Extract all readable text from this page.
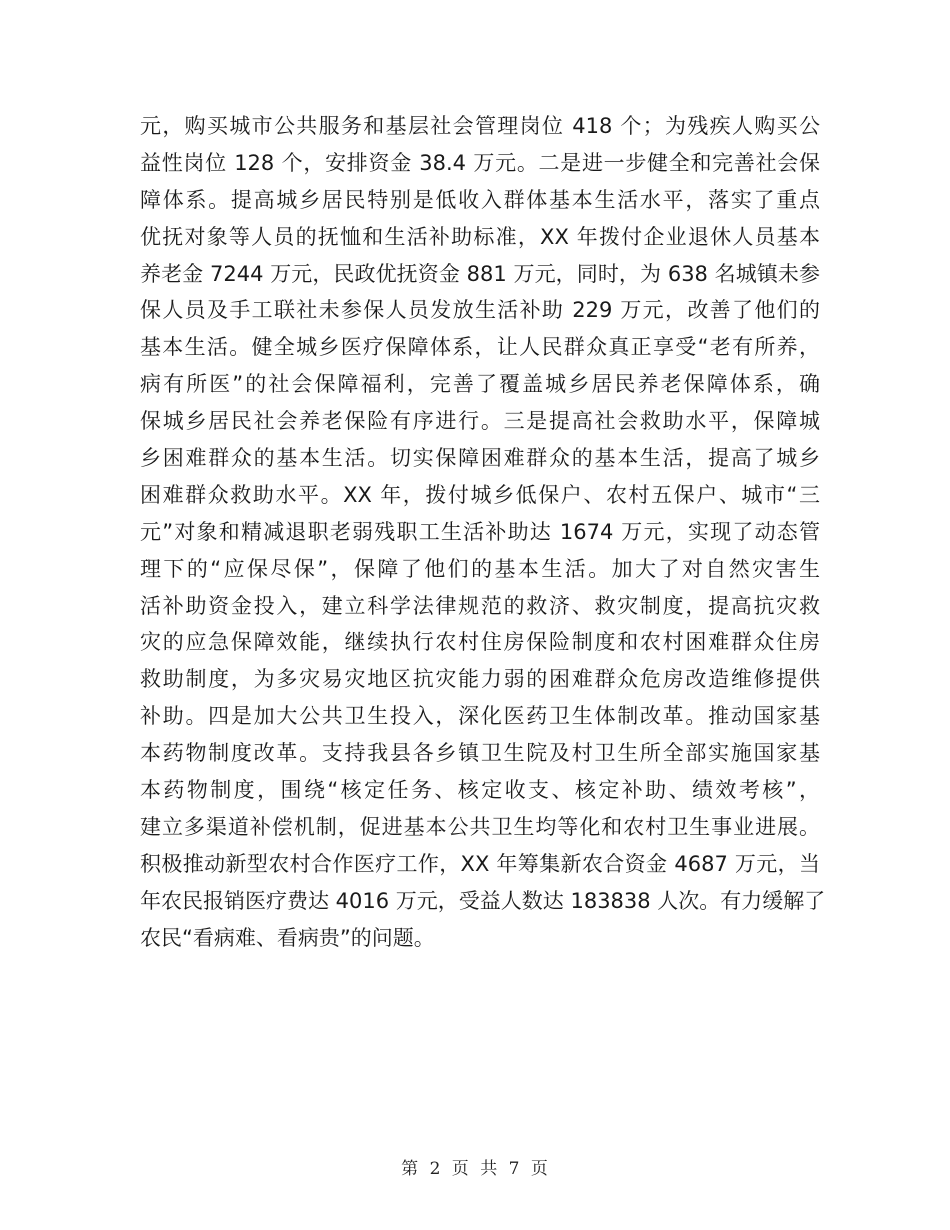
元，购买城市公共服务和基层社会管理岗位 418 个；为残疾人购买公
益性岗位 128 个，安排资金 38.4 万元。二是进一步健全和完善社会保
障体系。提高城乡居民特别是低收入群体基本生活水平，落实了重点
优抚对象等人员的抚恤和生活补助标准，XX 年拨付企业退休人员基本
养老金 7244 万元，民政优抚资金 881 万元，同时，为 638 名城镇未参
保人员及手工联社未参保人员发放生活补助 229 万元，改善了他们的
基本生活。健全城乡医疗保障体系，让人民群众真正享受“老有所养，
病有所医”的社会保障福利，完善了覆盖城乡居民养老保障体系，确
保城乡居民社会养老保险有序进行。三是提高社会救助水平，保障城
乡困难群众的基本生活。切实保障困难群众的基本生活，提高了城乡
困难群众救助水平。XX 年，拨付城乡低保户、农村五保户、城市“三
元”对象和精减退职老弱残职工生活补助达 1674 万元，实现了动态管
理下的“应保尽保”，保障了他们的基本生活。加大了对自然灾害生
活补助资金投入，建立科学法律规范的救济、救灾制度，提高抗灾救
灾的应急保障效能，继续执行农村住房保险制度和农村困难群众住房
救助制度，为多灾易灾地区抗灾能力弱的困难群众危房改造维修提供
补助。四是加大公共卫生投入，深化医药卫生体制改革。推动国家基
本药物制度改革。支持我县各乡镇卫生院及村卫生所全部实施国家基
本药物制度，围绕“核定任务、核定收支、核定补助、绩效考核”，
建立多渠道补偿机制，促进基本公共卫生均等化和农村卫生事业进展。
积极推动新型农村合作医疗工作，XX 年筹集新农合资金 4687 万元，当
年农民报销医疗费达 4016 万元，受益人数达 183838 人次。有力缓解了
农民“看病难、看病贵”的问题。
第 2 页 共 7 页
